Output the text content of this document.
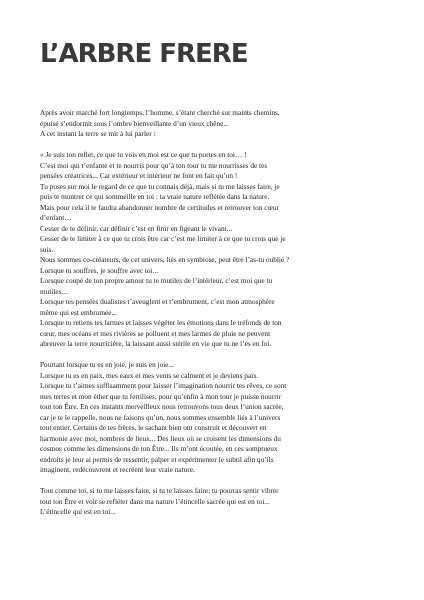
L’ARBRE FRERE
Après avoir marché fort longtemps, l’homme, s’étant cherché sur maints chemins,
épuisé s’endormit sous l’ombre bienveillante d’un vieux chêne...
A cet instant la terre se mit à lui parler :
« Je suis ton reflet, ce que tu vois en moi est ce que tu portes en toi… !
C’est moi qui t’enfante et te nourris pour qu’à ton tour tu me nourrisses de tes
pensées créatrices... Car extérieur et intérieur ne font en fait qu’un !
Tu poses sur moi le regard de ce que tu connais déjà, mais si tu me laisses faire, je
puis te montrer ce qui sommeille en toi : ta vraie nature reflétée dans la nature.
Mais pour cela il te faudra abandonner nombre de certitudes et retrouver ton cœur
d’enfant…
Cesser de te définir, car définir c’est en finir en figeant le vivant...
Cesser de te limiter à ce que tu crois être car c’est me limiter à ce que tu crois que je
suis.
Nous sommes co-créateurs, de cet univers, liés en symbiose, peut être l’as-tu oublié ?
Lorsque tu souffres, je souffre avec toi...
Lorsque coupé de ton propre amour tu te mutiles de l’intérieur, c’est moi que tu
mutiles...
Lorsque tes pensées dualistes t’aveuglent et t’embrument, c’est mon atmosphère
même qui est embrumée...
Lorsque tu retiens tes larmes et laisses végéter les émotions dans le tréfonds de ton
cœur, mes océans et mes rivières se polluent et mes larmes de pluie ne peuvent
abreuver la terre nourricière, la laissant aussi stérile en vie que tu ne l’es en foi.
Pourtant lorsque tu es en joie, je suis en joie...
Lorsque tu es en paix, mes eaux et mes vents se calment et je deviens paix.
Lorsque tu t’aimes suffisamment pour laisser l’imagination nourrir tes rêves, ce sont
mes terres et mon éther que tu fertilises, pour qu’enfin à mon tour je puisse nourrir
tout ton Être. En ces instants merveilleux nous retrouvons tous deux l’union sacrée,
car je te le rappelle, nous ne faisons qu’un, nous sommes ensemble liés à l’univers
tout entier. Certains de tes frères, le sachant bien ont construit et découvert en
harmonie avec moi, nombres de lieux... Des lieux où se croisent les dimensions du
cosmos comme les dimensions de ton Être... Ils m’ont écoutée, en ces somptueux
endroits je leur ai permis de ressentir, palper et expérimenter le subtil afin qu’ils
imaginent, redécouvrent et recréent leur vraie nature.
Tout comme toi, si tu me laisses faire, si tu te laisses faire; tu pourras sentir vibrer
tout ton Être et voir se refléter dans ma nature l’étincelle sacrée qui est en toi...
L’étincelle qui est en toi...
